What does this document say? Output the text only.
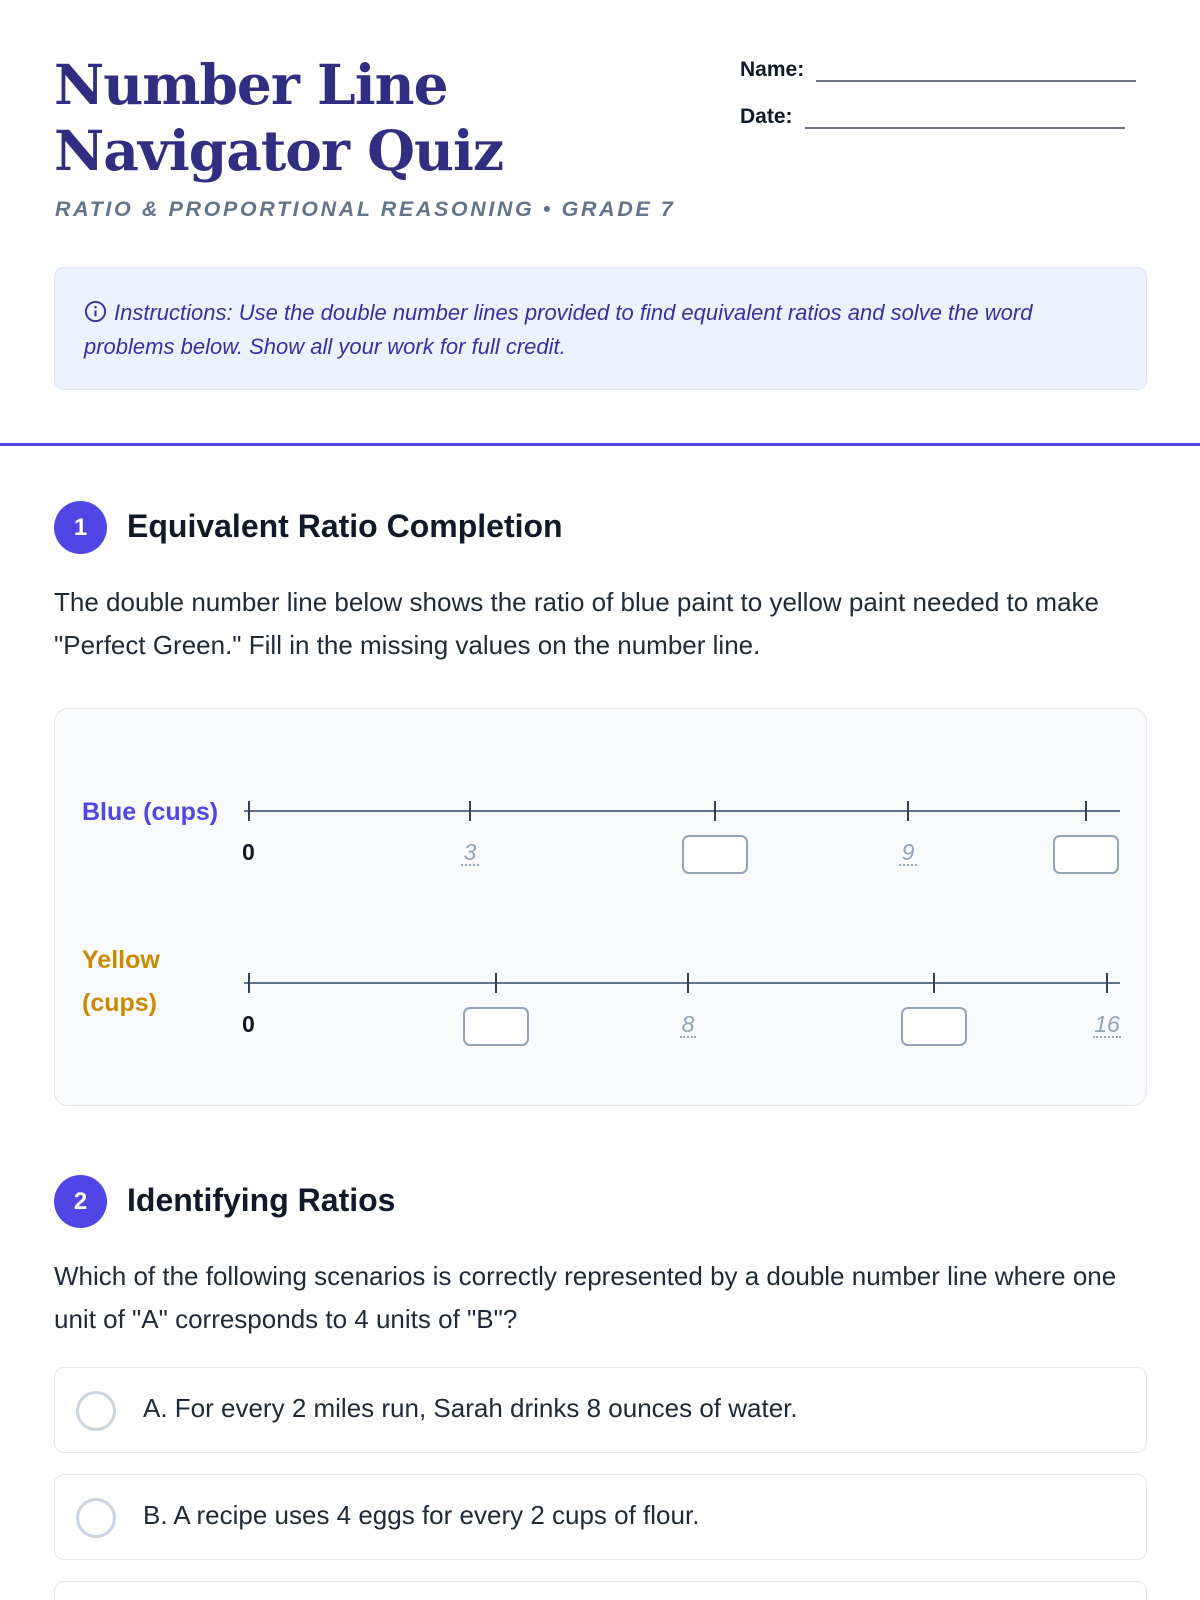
Number Line Navigator Quiz
RATIO & PROPORTIONAL REASONING • GRADE 7
Name:
Date:
Instructions: Use the double number lines provided to find equivalent ratios and solve the word problems below. Show all your work for full credit.
1	Equivalent Ratio Completion
The double number line below shows the ratio of blue paint to yellow paint needed to make "Perfect Green." Fill in the missing values on the number line.
Blue (cups)
0	3	9
Yellow (cups)
0	8	16
2	Identifying Ratios
Which of the following scenarios is correctly represented by a double number line where one unit of "A" corresponds to 4 units of "B"?
A. For every 2 miles run, Sarah drinks 8 ounces of water.
B. A recipe uses 4 eggs for every 2 cups of flour.
